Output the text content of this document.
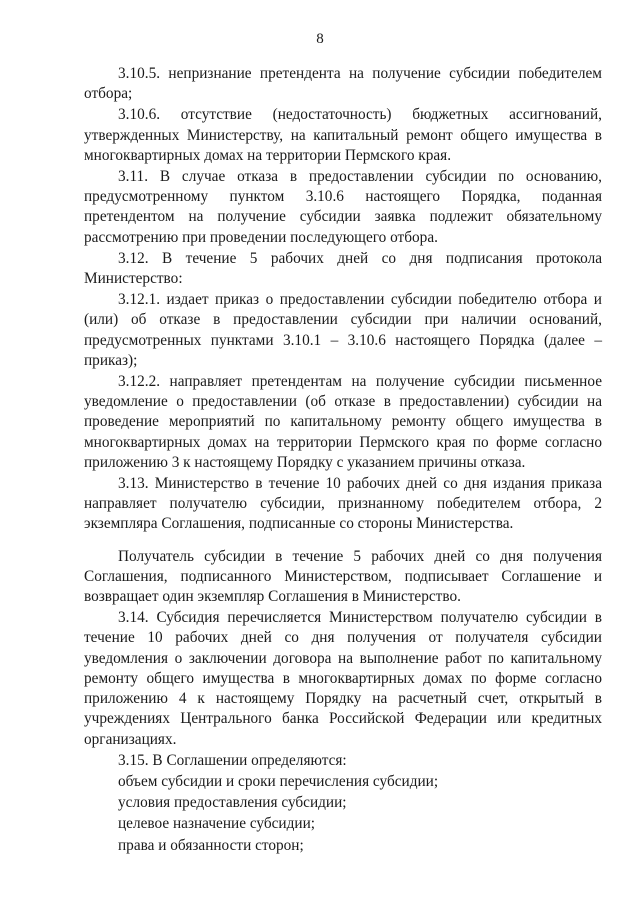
8

3.10.5. непризнание претендента на получение субсидии победителем отбора;

3.10.6. отсутствие (недостаточность) бюджетных ассигнований, утвержденных Министерству, на капитальный ремонт общего имущества в многоквартирных домах на территории Пермского края.

3.11. В случае отказа в предоставлении субсидии по основанию, предусмотренному пунктом 3.10.6 настоящего Порядка, поданная претендентом на получение субсидии заявка подлежит обязательному рассмотрению при проведении последующего отбора.

3.12. В течение 5 рабочих дней со дня подписания протокола Министерство:

3.12.1. издает приказ о предоставлении субсидии победителю отбора и (или) об отказе в предоставлении субсидии при наличии оснований, предусмотренных пунктами 3.10.1 – 3.10.6 настоящего Порядка (далее – приказ);

3.12.2. направляет претендентам на получение субсидии письменное уведомление о предоставлении (об отказе в предоставлении) субсидии на проведение мероприятий по капитальному ремонту общего имущества в многоквартирных домах на территории Пермского края по форме согласно приложению 3 к настоящему Порядку с указанием причины отказа.

3.13. Министерство в течение 10 рабочих дней со дня издания приказа направляет получателю субсидии, признанному победителем отбора, 2 экземпляра Соглашения, подписанные со стороны Министерства.

Получатель субсидии в течение 5 рабочих дней со дня получения Соглашения, подписанного Министерством, подписывает Соглашение и возвращает один экземпляр Соглашения в Министерство.

3.14. Субсидия перечисляется Министерством получателю субсидии в течение 10 рабочих дней со дня получения от получателя субсидии уведомления о заключении договора на выполнение работ по капитальному ремонту общего имущества в многоквартирных домах по форме согласно приложению 4 к настоящему Порядку на расчетный счет, открытый в учреждениях Центрального банка Российской Федерации или кредитных организациях.

3.15. В Соглашении определяются:

объем субсидии и сроки перечисления субсидии;

условия предоставления субсидии;

целевое назначение субсидии;

права и обязанности сторон;
